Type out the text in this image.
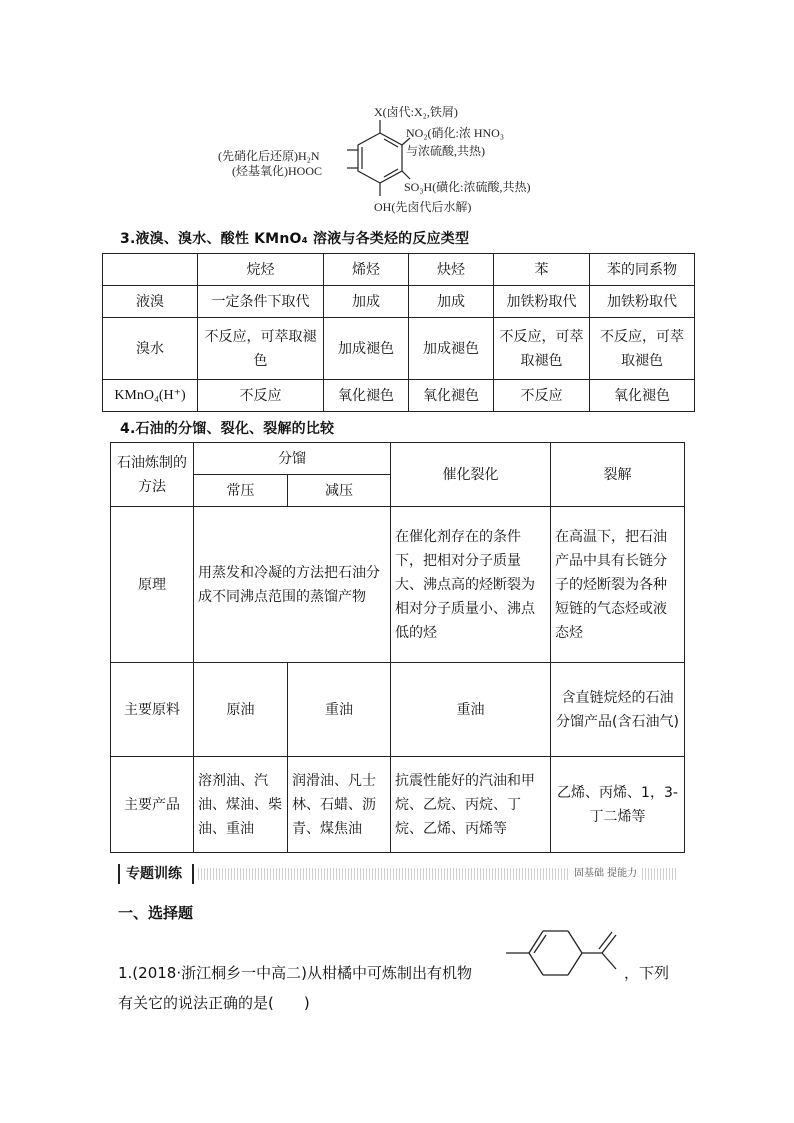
X(卤代:X₂,铁屑)
NO₂(硝化:浓 HNO₃
与浓硫酸,共热)
(先硝化后还原)H₂N
(烃基氧化)HOOC
SO₃H(磺化:浓硫酸,共热)
OH(先卤代后水解)
3.液溴、溴水、酸性 KMnO₄ 溶液与各类烃的反应类型
	烷烃	烯烃	炔烃	苯	苯的同系物
液溴	一定条件下取代	加成	加成	加铁粉取代	加铁粉取代
溴水	不反应，可萃取褪色	加成褪色	加成褪色	不反应，可萃取褪色	不反应，可萃取褪色
KMnO₄(H⁺)	不反应	氧化褪色	氧化褪色	不反应	氧化褪色
4.石油的分馏、裂化、裂解的比较
石油炼制的方法	分馏		催化裂化	裂解
	常压	减压		
原理	用蒸发和冷凝的方法把石油分成不同沸点范围的蒸馏产物		在催化剂存在的条件下，把相对分子质量大、沸点高的烃断裂为相对分子质量小、沸点低的烃	在高温下，把石油产品中具有长链分子的烃断裂为各种短链的气态烃或液态烃
主要原料	原油	重油	重油	含直链烷烃的石油分馏产品(含石油气)
主要产品	溶剂油、汽油、煤油、柴油、重油	润滑油、凡士林、石蜡、沥青、煤焦油	抗震性能好的汽油和甲烷、乙烷、丙烷、丁烷、乙烯、丙烯等	乙烯、丙烯、1，3丁二烯等
专题训练	固基础 提能力
一、选择题
1.(2018·浙江桐乡一中高二)从柑橘中可炼制出有机物	，下列
有关它的说法正确的是(　　)
